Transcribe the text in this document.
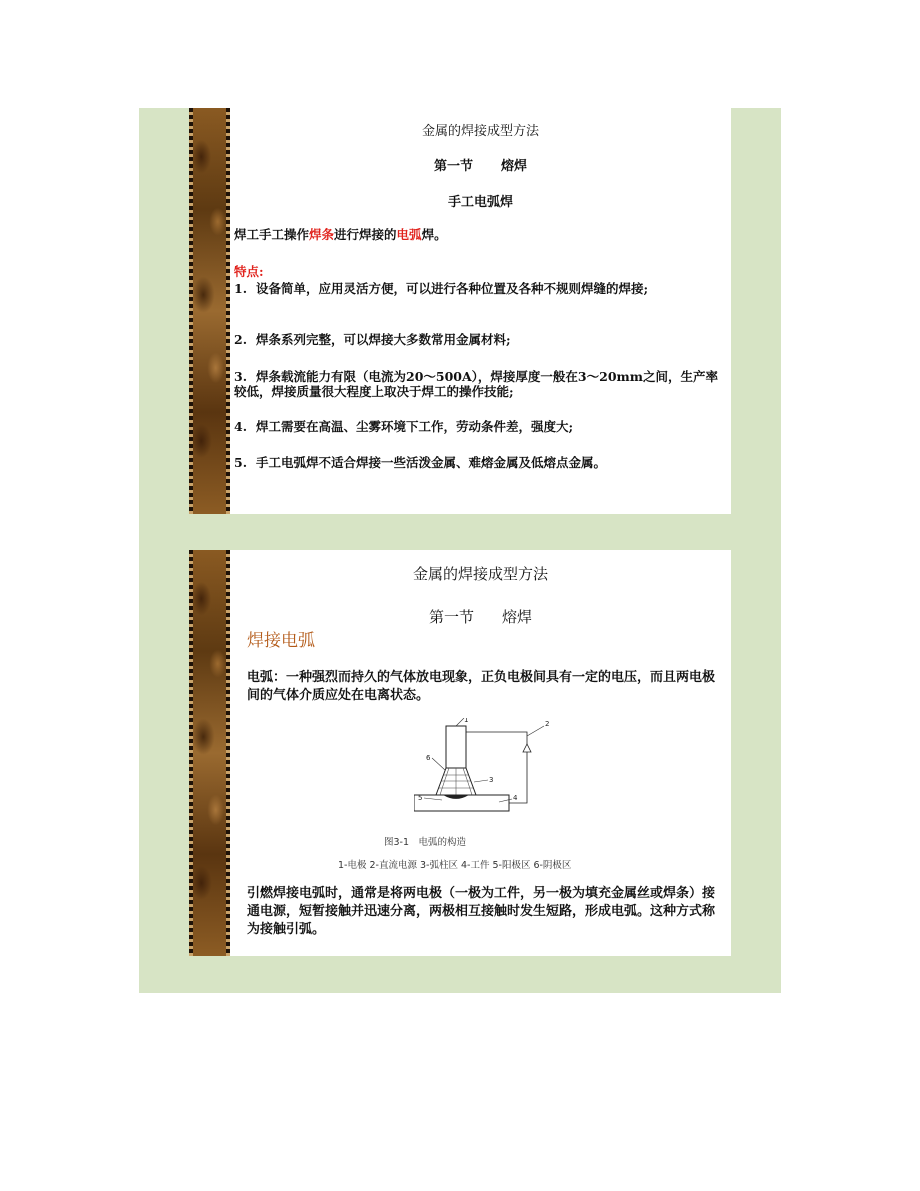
金属的焊接成型方法
第一节 熔焊
手工电弧焊
焊工手工操作焊条进行焊接的电弧焊。
特点:
1. 设备简单，应用灵活方便，可以进行各种位置及各种不规则焊缝的焊接;
2. 焊条系列完整，可以焊接大多数常用金属材料;
3. 焊条载流能力有限（电流为20～500A），焊接厚度一般在3～20mm之间，生产率较低，焊接质量很大程度上取决于焊工的操作技能;
4. 焊工需要在高温、尘雾环境下工作，劳动条件差，强度大;
5. 手工电弧焊不适合焊接一些活泼金属、难熔金属及低熔点金属。
金属的焊接成型方法
第一节 熔焊
焊接电弧
电弧：一种强烈而持久的气体放电现象，正负电极间具有一定的电压，而且两电极间的气体介质应处在电离状态。
1	2
3
4
5
6
图3-1　电弧的构造
1-电极 2-直流电源 3-弧柱区 4-工件 5-阳极区 6-阴极区
引燃焊接电弧时，通常是将两电极（一极为工件，另一极为填充金属丝或焊条）接通电源，短暂接触并迅速分离，两极相互接触时发生短路，形成电弧。这种方式称为接触引弧。
